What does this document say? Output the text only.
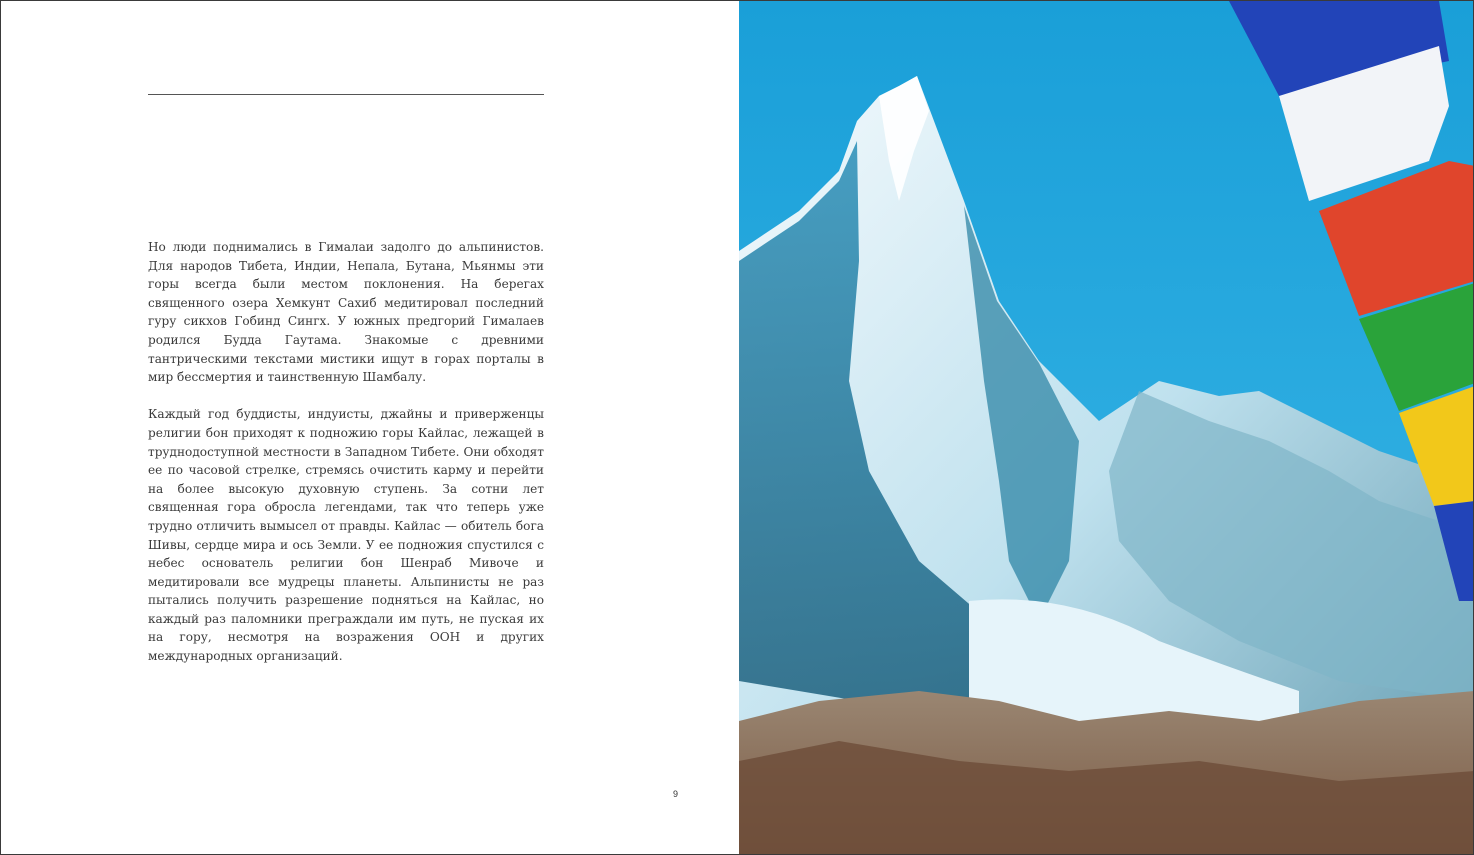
Но люди поднимались в Гималаи задолго до альпинистов. Для народов Тибета, Индии, Непала, Бутана, Мьянмы эти горы всегда были местом поклонения. На берегах священного озера Хемкунт Сахиб медитировал последний гуру сикхов Гобинд Сингх. У южных предгорий Гималаев родился Будда Гаутама. Знакомые с древними тантрическими текстами мистики ищут в горах порталы в мир бессмертия и таинственную Шамбалу.

Каждый год буддисты, индуисты, джайны и приверженцы религии бон приходят к подножию горы Кайлас, лежащей в труднодоступной местности в Западном Тибете. Они обходят ее по часовой стрелке, стремясь очистить карму и перейти на более высокую духовную ступень. За сотни лет священная гора обросла легендами, так что теперь уже трудно отличить вымысел от правды. Кайлас — обитель бога Шивы, сердце мира и ось Земли. У ее подножия спустился с небес основатель религии бон Шенраб Мивоче и медитировали все мудрецы планеты. Альпинисты не раз пытались получить разрешение подняться на Кайлас, но каждый раз паломники преграждали им путь, не пуская их на гору, несмотря на возражения ООН и других международных организаций.

9
